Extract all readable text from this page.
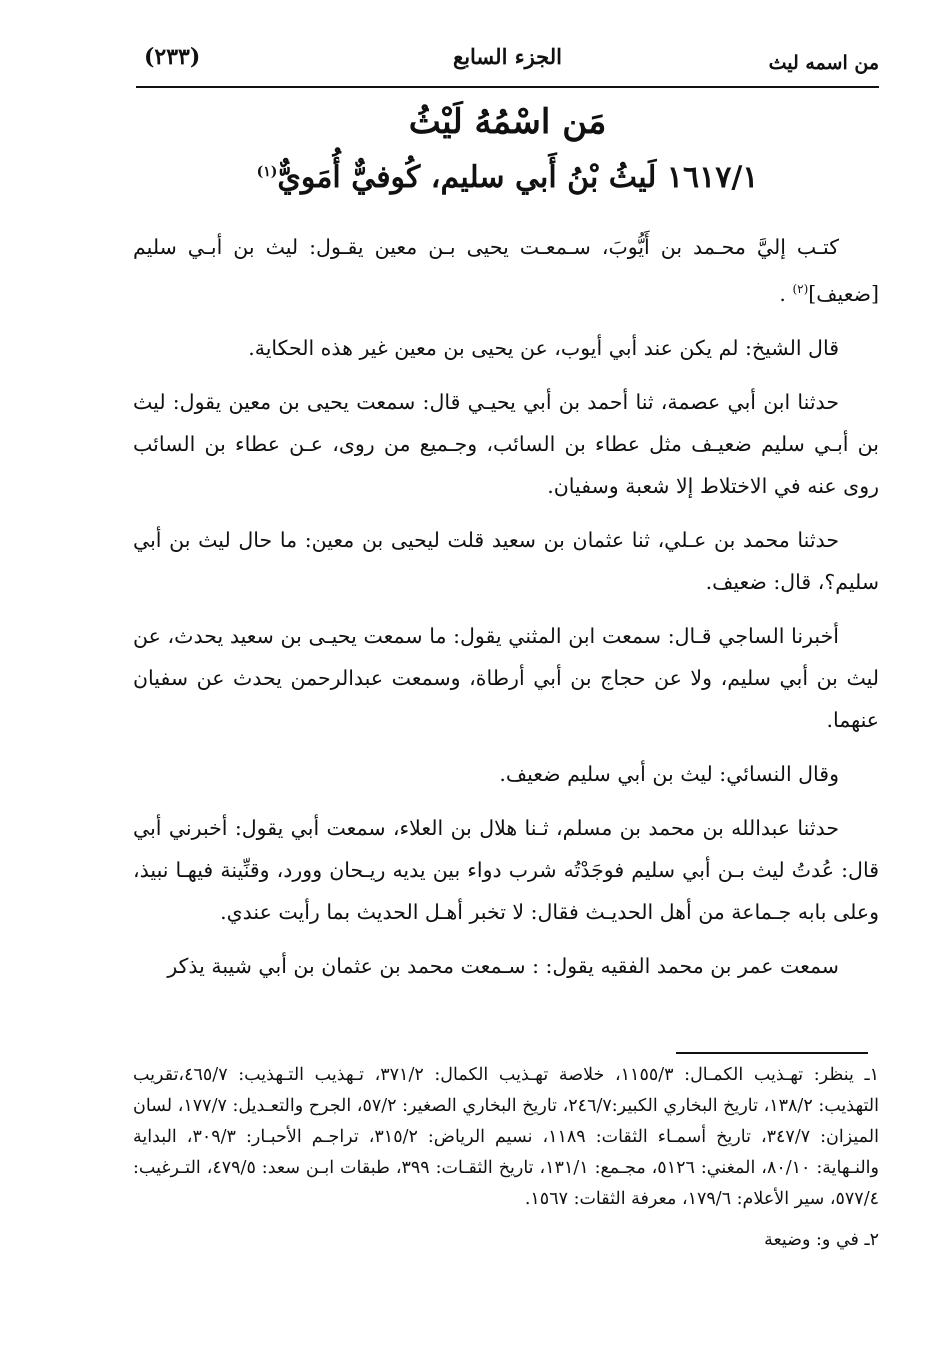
(٢٣٣)	الجزء السابع	من اسمه ليث
مَن اسْمُهُ لَيْثُ
١٦١٧/١ لَيثُ بْنُ أَبي سليم، كُوفيٌّ أُمَويٌّ$^{(١)}$

كتـب إليَّ محـمد بن أَيُّوبَ، سـمعـت يحيى بـن معين يقـول: ليث بن أبـي سليم [ضعيف]$^{(٢)}$ .

قال الشيخ: لم يكن عند أبي أيوب، عن يحيى بن معين غير هذه الحكاية.

حدثنا ابن أبي عصمة، ثنا أحمد بن أبي يحيـي قال: سمعت يحيى بن معين يقول: ليث بن أبـي سليم ضعيـف مثل عطاء بن السائب، وجـميع من روى، عـن عطاء بن السائب روى عنه في الاختلاط إلا شعبة وسفيان.

حدثنا محمد بن عـلي، ثنا عثمان بن سعيد قلت ليحيى بن معين: ما حال ليث بن أبي سليم؟، قال: ضعيف.

أخبرنا الساجي قـال: سمعت ابن المثني يقول: ما سمعت يحيـى بن سعيد يحدث، عن ليث بن أبي سليم، ولا عن حجاج بن أبي أرطاة، وسمعت عبدالرحمن يحدث عن سفيان عنهما.

وقال النسائي: ليث بن أبي سليم ضعيف.

حدثنا عبدالله بن محمد بن مسلم، ثـنا هلال بن العلاء، سمعت أبي يقول: أخبرني أبي قال: عُدتُ ليث بـن أبي سليم فوجَدْتُه شرب دواء بين يديه ريـحان وورد، وقنِّينة فيهـا نبيذ، وعلى بابه جـماعة من أهل الحديـث فقال: لا تخبر أهـل الحديث بما رأيت عندي.

سمعت عمر بن محمد الفقيه يقول: : سـمعت محمد بن عثمان بن أبي شيبة يذكر

١ـ ينظر: تهـذيب الكمـال: ١١٥٥/٣، خلاصة تهـذيب الكمال: ٣٧١/٢، تـهذيب التـهذيب: ٤٦٥/٧،تقريب التهذيب: ١٣٨/٢، تاريخ البخاري الكبير:٢٤٦/٧، تاريخ البخاري الصغير: ٥٧/٢، الجرح والتعـديل: ١٧٧/٧، لسان الميزان: ٣٤٧/٧، تاريخ أسمـاء الثقات: ١١٨٩، نسيم الرياض: ٣١٥/٢، تراجـم الأحبـار: ٣٠٩/٣، البداية والنـهاية: ٨٠/١٠، المغني: ٥١٢٦، مجـمع: ١٣١/١، تاريخ الثقـات: ٣٩٩، طبقات ابـن سعد: ٤٧٩/٥، التـرغيب: ٥٧٧/٤، سير الأعلام: ١٧٩/٦، معرفة الثقات: ١٥٦٧.

٢ـ في و: وضيعة
